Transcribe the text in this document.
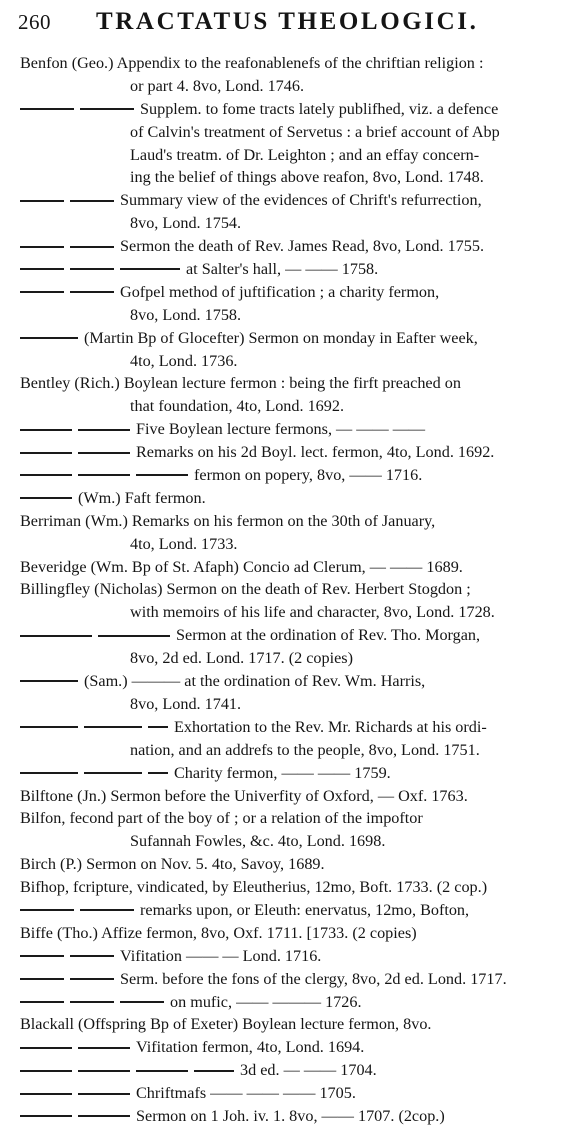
260 TRACTATUS THEOLOGICI.
Benfon (Geo.) Appendix to the reafonablenefs of the chriftian religion :
or part 4. 8vo, Lond. 1746.
Supplem. to fome tracts lately publifhed, viz. a defence
of Calvin's treatment of Servetus : a brief account of Abp
Laud's treatm. of Dr. Leighton ; and an effay concern-
ing the belief of things above reafon, 8vo, Lond. 1748.
Summary view of the evidences of Chrift's refurrection,
8vo, Lond. 1754.
Sermon the death of Rev. James Read, 8vo, Lond. 1755.
at Salter's hall, — —— 1758.
Gofpel method of juftification ; a charity fermon,
8vo, Lond. 1758.
(Martin Bp of Glocefter) Sermon on monday in Eafter week,
4to, Lond. 1736.
Bentley (Rich.) Boylean lecture fermon : being the firft preached on
that foundation, 4to, Lond. 1692.
Five Boylean lecture fermons, — —— ——
Remarks on his 2d Boyl. lect. fermon, 4to, Lond. 1692.
fermon on popery, 8vo, —— 1716.
(Wm.) Faft fermon.
Berriman (Wm.) Remarks on his fermon on the 30th of January,
4to, Lond. 1733.
Beveridge (Wm. Bp of St. Afaph) Concio ad Clerum, — —— 1689.
Billingfley (Nicholas) Sermon on the death of Rev. Herbert Stogdon ;
with memoirs of his life and character, 8vo, Lond. 1728.
Sermon at the ordination of Rev. Tho. Morgan,
8vo, 2d ed. Lond. 1717. (2 copies)
(Sam.) ——— at the ordination of Rev. Wm. Harris,
8vo, Lond. 1741.
Exhortation to the Rev. Mr. Richards at his ordi-
nation, and an addrefs to the people, 8vo, Lond. 1751.
Charity fermon, —— —— 1759.
Bilftone (Jn.) Sermon before the Univerfity of Oxford, — Oxf. 1763.
Bilfon, fecond part of the boy of ; or a relation of the impoftor
Sufannah Fowles, &c. 4to, Lond. 1698.
Birch (P.) Sermon on Nov. 5. 4to, Savoy, 1689.
Bifhop, fcripture, vindicated, by Eleutherius, 12mo, Boft. 1733. (2 cop.)
remarks upon, or Eleuth: enervatus, 12mo, Bofton,
Biffe (Tho.) Affize fermon, 8vo, Oxf. 1711. [1733. (2 copies)
Vifitation —— — Lond. 1716.
Serm. before the fons of the clergy, 8vo, 2d ed. Lond. 1717.
on mufic, —— ——— 1726.
Blackall (Offspring Bp of Exeter) Boylean lecture fermon, 8vo.
Vifitation fermon, 4to, Lond. 1694.
3d ed. — —— 1704.
Chriftmafs —— —— —— 1705.
Sermon on 1 Joh. iv. 1. 8vo, —— 1707. (2cop.)
